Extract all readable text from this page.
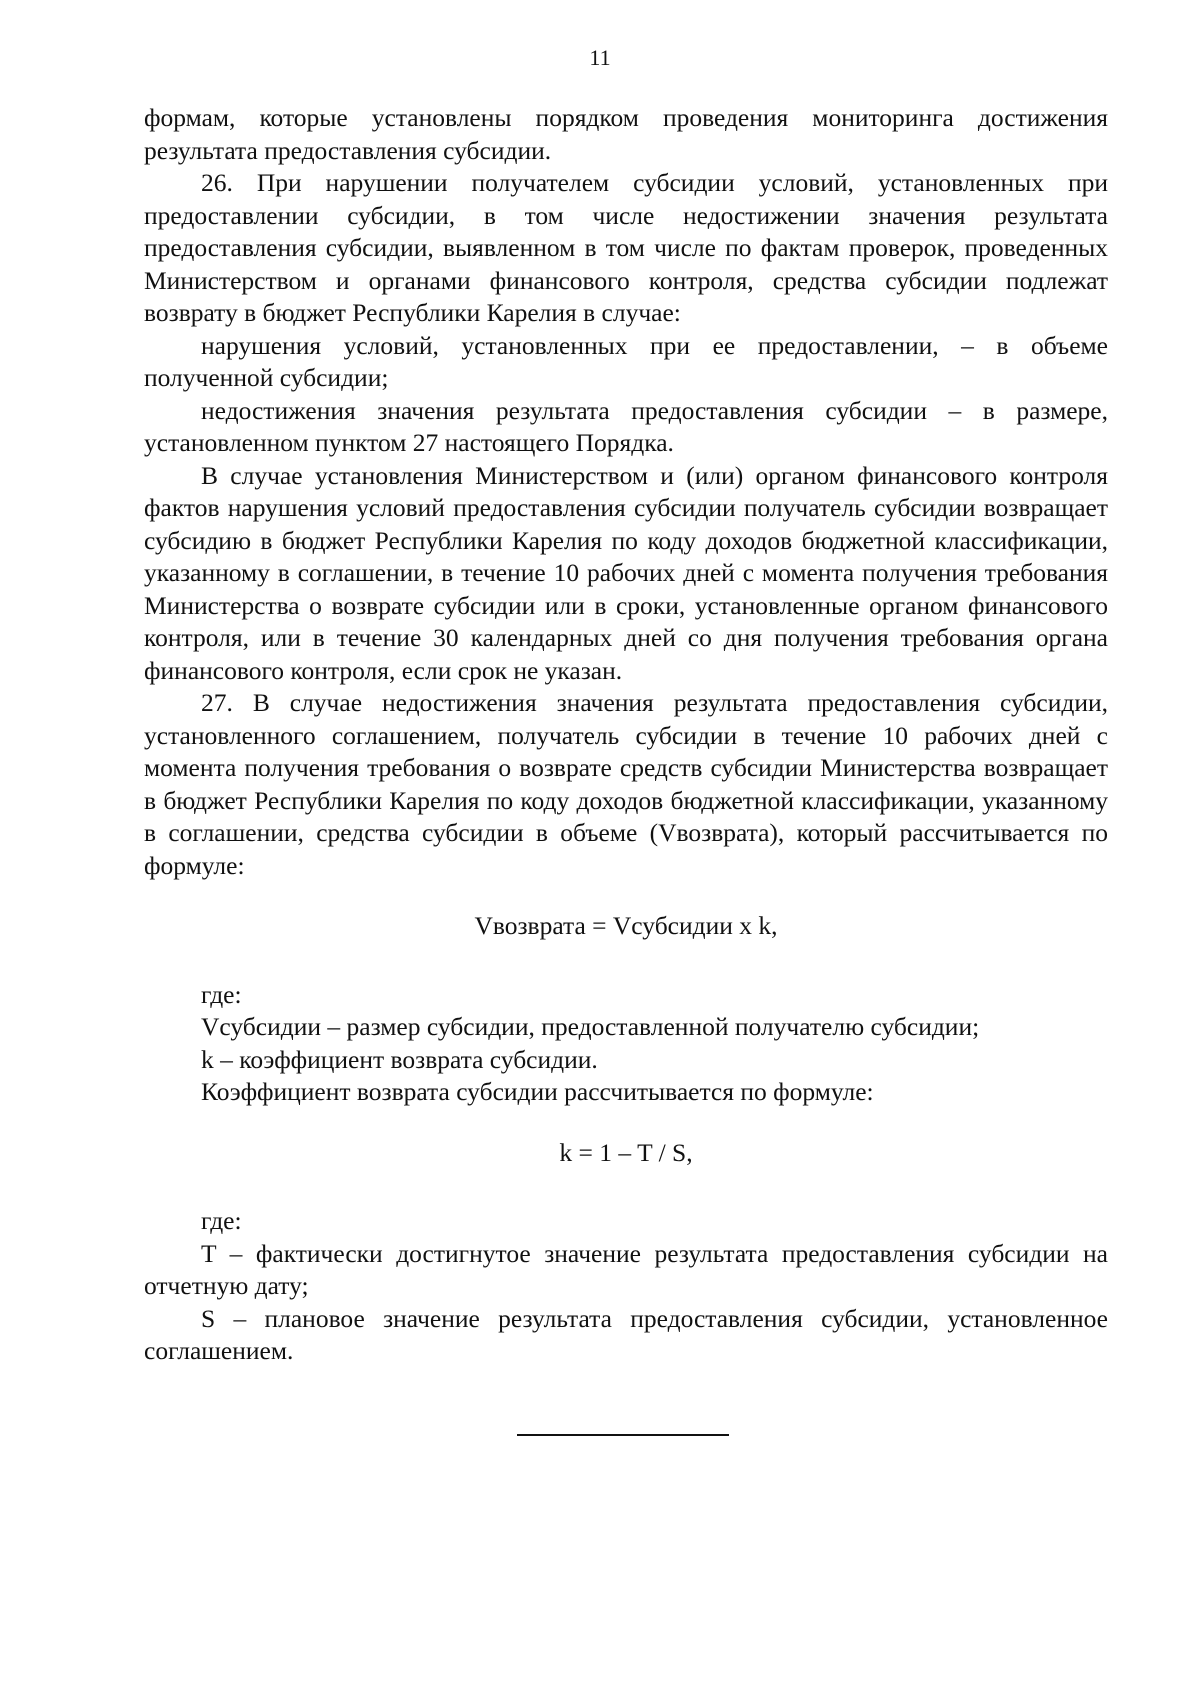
11

формам, которые установлены порядком проведения мониторинга достижения результата предоставления субсидии.

26. При нарушении получателем субсидии условий, установленных при предоставлении субсидии, в том числе недостижении значения результата предоставления субсидии, выявленном в том числе по фактам проверок, проведенных Министерством и органами финансового контроля, средства субсидии подлежат возврату в бюджет Республики Карелия в случае:

нарушения условий, установленных при ее предоставлении, – в объеме полученной субсидии;

недостижения значения результата предоставления субсидии – в размере, установленном пунктом 27 настоящего Порядка.

В случае установления Министерством и (или) органом финансового контроля фактов нарушения условий предоставления субсидии получатель субсидии возвращает субсидию в бюджет Республики Карелия по коду доходов бюджетной классификации, указанному в соглашении, в течение 10 рабочих дней с момента получения требования Министерства о возврате субсидии или в сроки, установленные органом финансового контроля, или в течение 30 календарных дней со дня получения требования органа финансового контроля, если срок не указан.

27. В случае недостижения значения результата предоставления субсидии, установленного соглашением, получатель субсидии в течение 10 рабочих дней с момента получения требования о возврате средств субсидии Министерства возвращает в бюджет Республики Карелия по коду доходов бюджетной классификации, указанному в соглашении, средства субсидии в объеме (Vвозврата), который рассчитывается по формуле:

Vвозврата = Vсубсидии x k,

где:

Vсубсидии – размер субсидии, предоставленной получателю субсидии;

k – коэффициент возврата субсидии.

Коэффициент возврата субсидии рассчитывается по формуле:

k = 1 – T / S,

где:

T – фактически достигнутое значение результата предоставления субсидии на отчетную дату;

S – плановое значение результата предоставления субсидии, установленное соглашением.
